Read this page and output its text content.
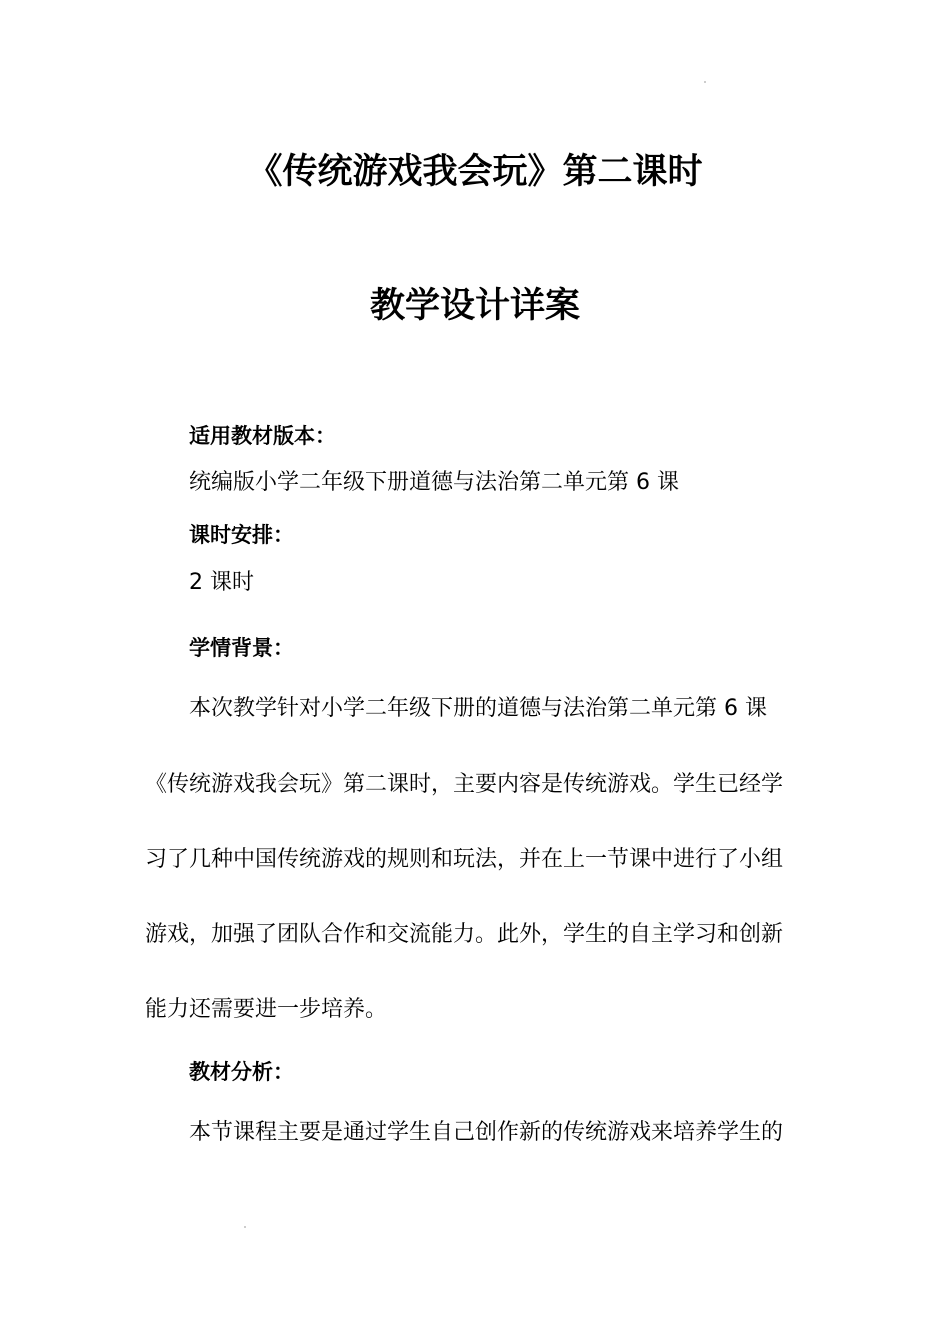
《传统游戏我会玩》第二课时
教学设计详案
适用教材版本：
统编版小学二年级下册道德与法治第二单元第 6 课
课时安排：
2 课时
学情背景：
本次教学针对小学二年级下册的道德与法治第二单元第 6 课
《传统游戏我会玩》第二课时，主要内容是传统游戏。学生已经学
习了几种中国传统游戏的规则和玩法，并在上一节课中进行了小组
游戏，加强了团队合作和交流能力。此外，学生的自主学习和创新
能力还需要进一步培养。
教材分析：
本节课程主要是通过学生自己创作新的传统游戏来培养学生的
